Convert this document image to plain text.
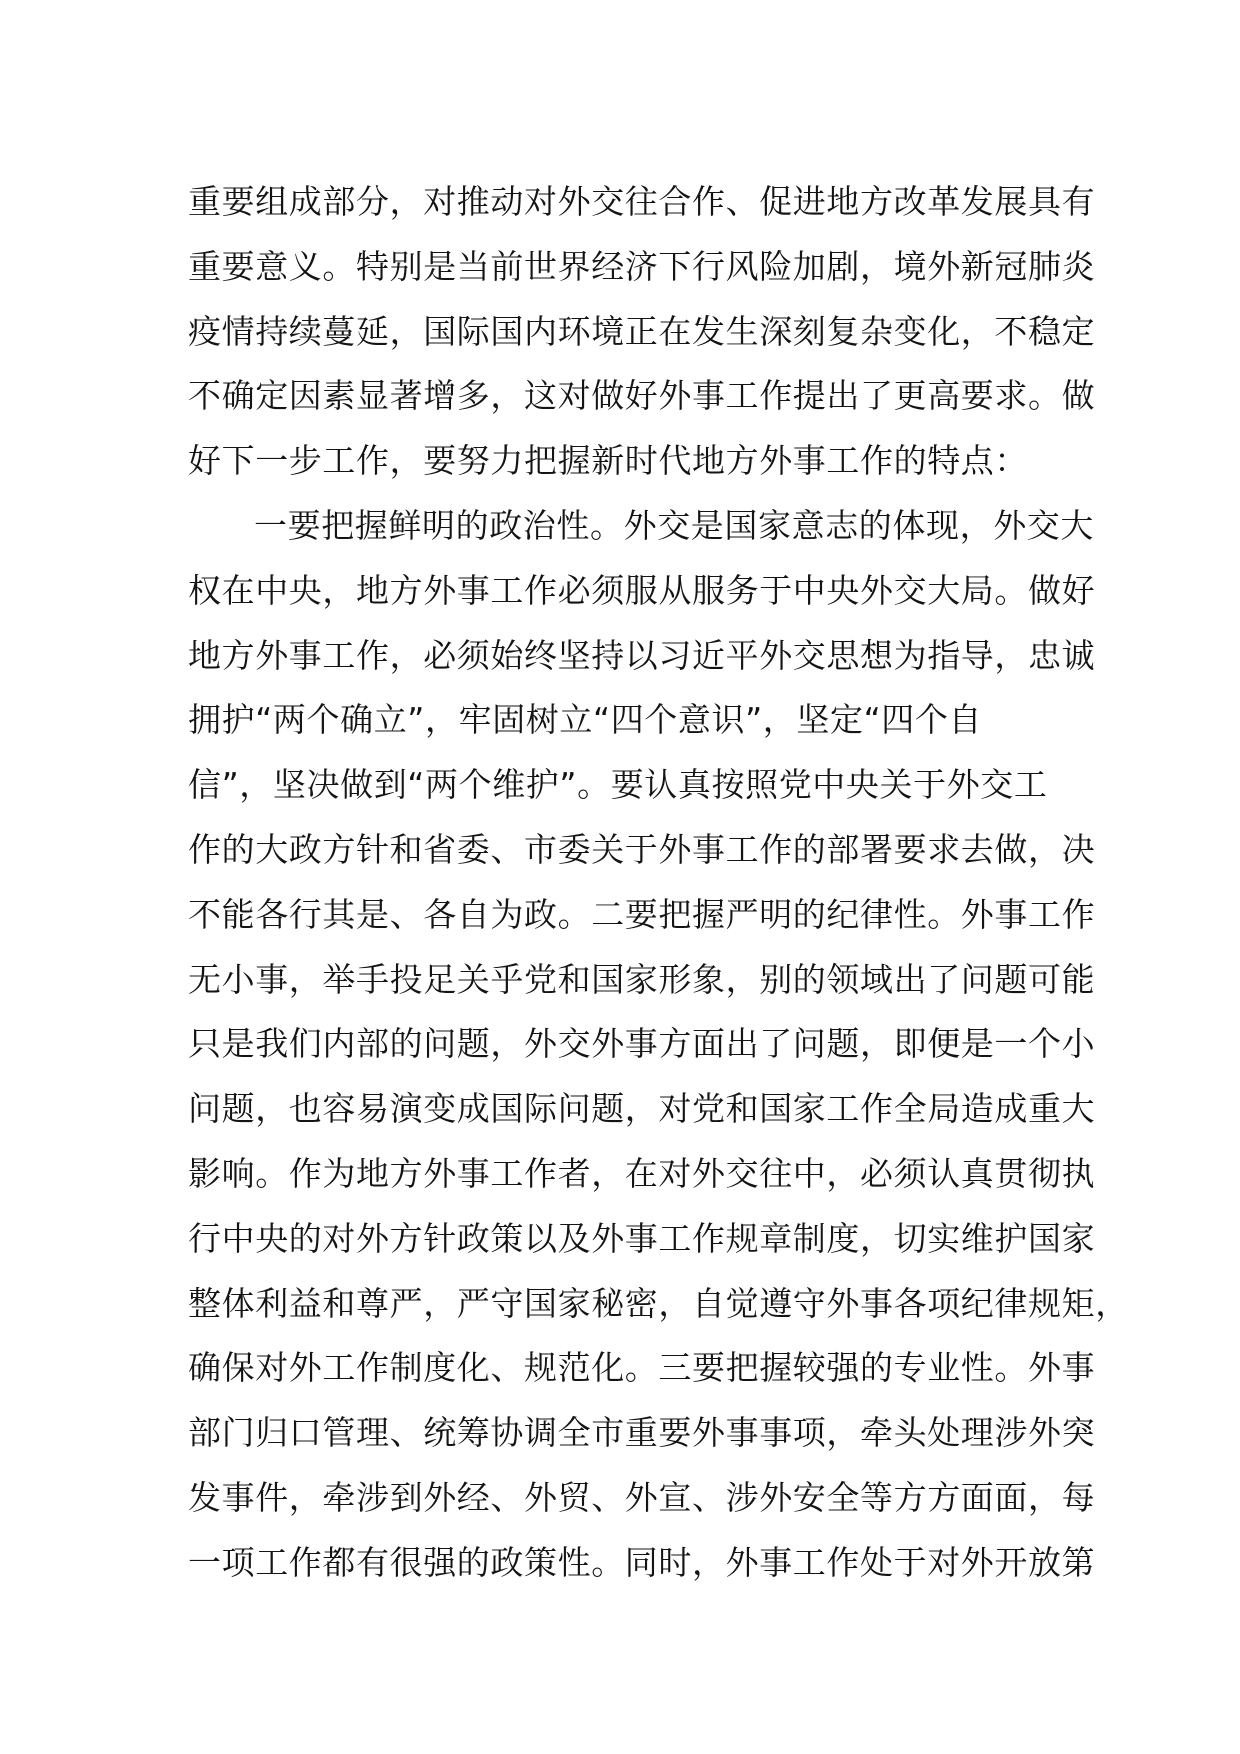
重要组成部分，对推动对外交往合作、促进地方改革发展具有
重要意义。特别是当前世界经济下行风险加剧，境外新冠肺炎
疫情持续蔓延，国际国内环境正在发生深刻复杂变化，不稳定
不确定因素显著增多，这对做好外事工作提出了更高要求。做
好下一步工作，要努力把握新时代地方外事工作的特点：
一要把握鲜明的政治性。外交是国家意志的体现，外交大
权在中央，地方外事工作必须服从服务于中央外交大局。做好
地方外事工作，必须始终坚持以习近平外交思想为指导，忠诚
拥护“两个确立”，牢固树立“四个意识”，坚定“四个自
信”，坚决做到“两个维护”。要认真按照党中央关于外交工
作的大政方针和省委、市委关于外事工作的部署要求去做，决
不能各行其是、各自为政。二要把握严明的纪律性。外事工作
无小事，举手投足关乎党和国家形象，别的领域出了问题可能
只是我们内部的问题，外交外事方面出了问题，即便是一个小
问题，也容易演变成国际问题，对党和国家工作全局造成重大
影响。作为地方外事工作者，在对外交往中，必须认真贯彻执
行中央的对外方针政策以及外事工作规章制度，切实维护国家
整体利益和尊严，严守国家秘密，自觉遵守外事各项纪律规矩，
确保对外工作制度化、规范化。三要把握较强的专业性。外事
部门归口管理、统筹协调全市重要外事事项，牵头处理涉外突
发事件，牵涉到外经、外贸、外宣、涉外安全等方方面面，每
一项工作都有很强的政策性。同时，外事工作处于对外开放第
